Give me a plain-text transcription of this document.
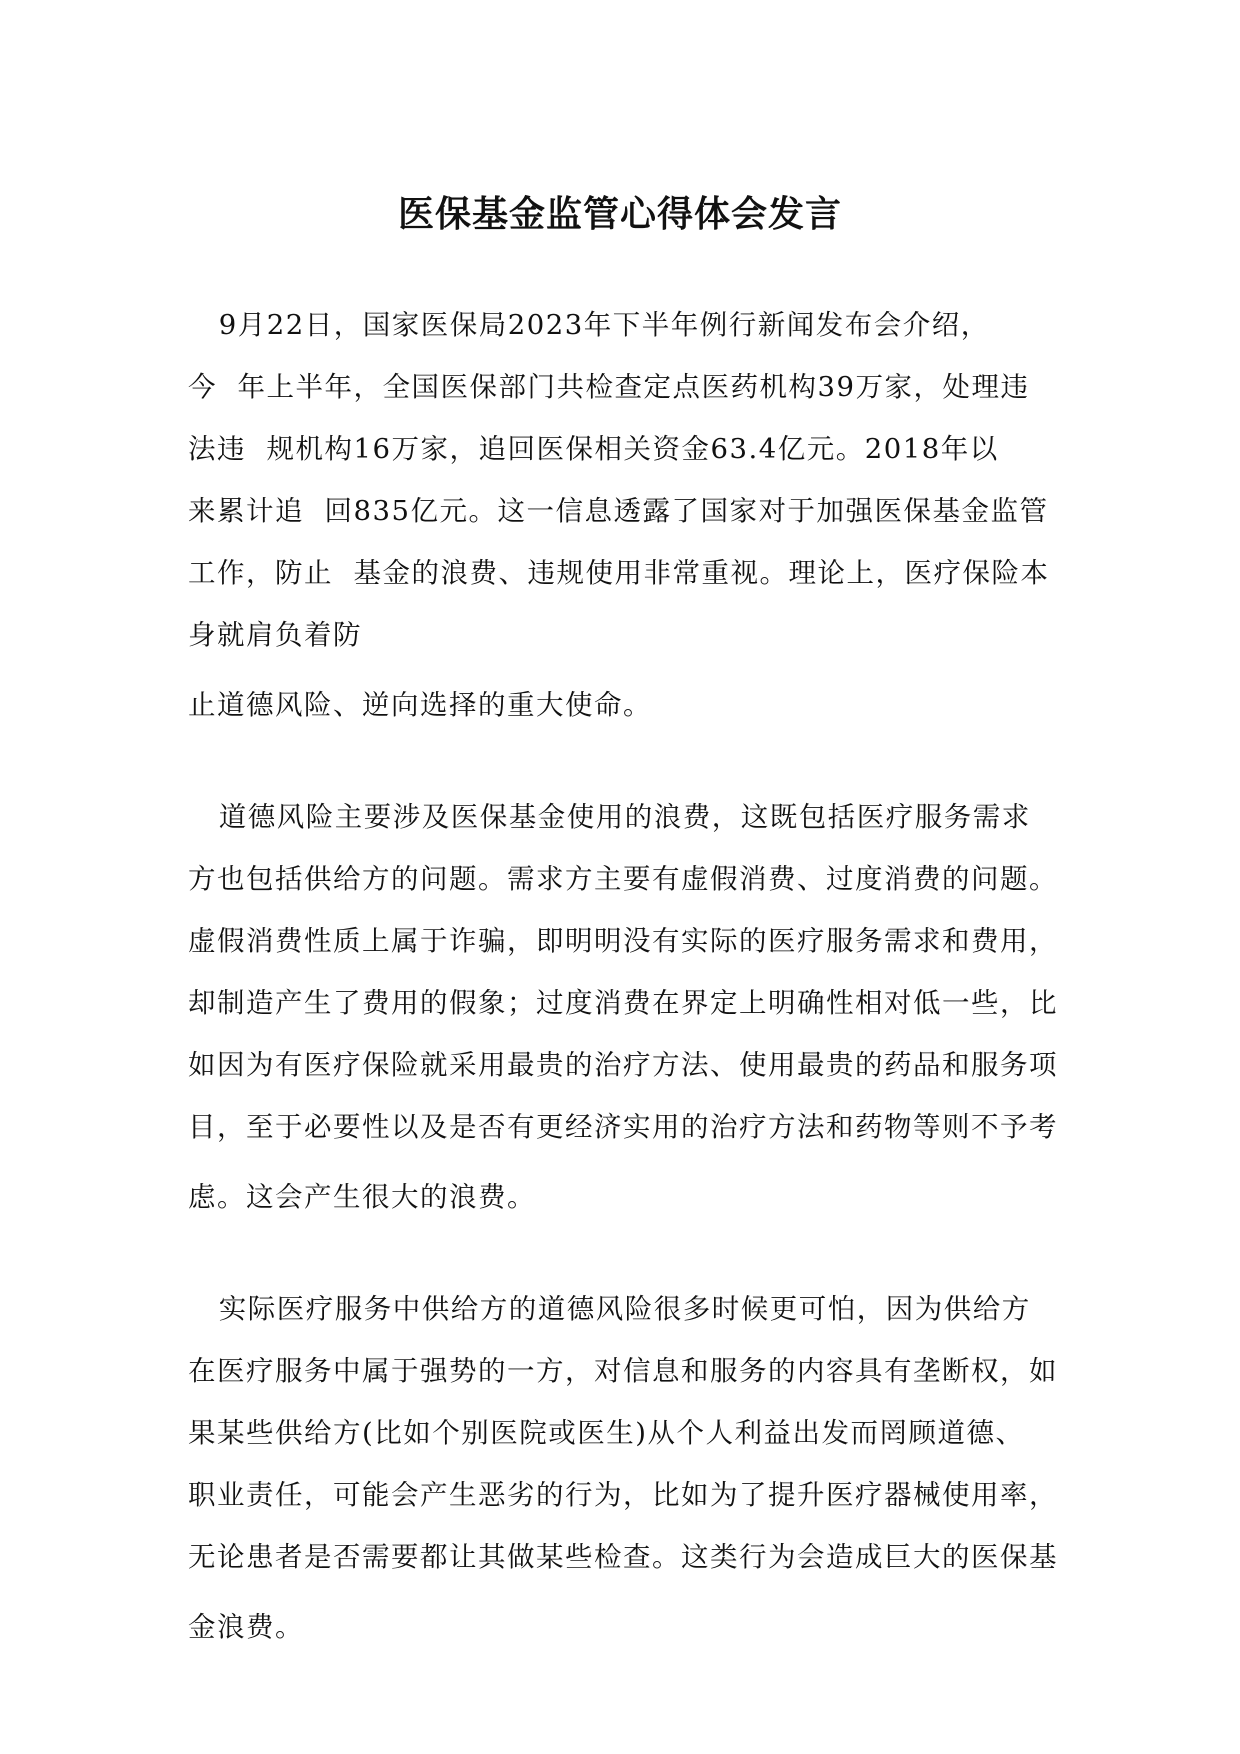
医保基金监管心得体会发言
9月22日，国家医保局2023年下半年例行新闻发布会介绍，
今  年上半年，全国医保部门共检查定点医药机构39万家，处理违
法违  规机构16万家，追回医保相关资金63.4亿元。2018年以
来累计追  回835亿元。这一信息透露了国家对于加强医保基金监管
工作，防止  基金的浪费、违规使用非常重视。理论上，医疗保险本
身就肩负着防
止道德风险、逆向选择的重大使命。
道德风险主要涉及医保基金使用的浪费，这既包括医疗服务需求
方也包括供给方的问题。需求方主要有虚假消费、过度消费的问题。
虚假消费性质上属于诈骗，即明明没有实际的医疗服务需求和费用，
却制造产生了费用的假象；过度消费在界定上明确性相对低一些，比
如因为有医疗保险就采用最贵的治疗方法、使用最贵的药品和服务项
目，至于必要性以及是否有更经济实用的治疗方法和药物等则不予考
虑。这会产生很大的浪费。
实际医疗服务中供给方的道德风险很多时候更可怕，因为供给方
在医疗服务中属于强势的一方，对信息和服务的内容具有垄断权，如
果某些供给方(比如个别医院或医生)从个人利益出发而罔顾道德、
职业责任，可能会产生恶劣的行为，比如为了提升医疗器械使用率，
无论患者是否需要都让其做某些检查。这类行为会造成巨大的医保基
金浪费。
